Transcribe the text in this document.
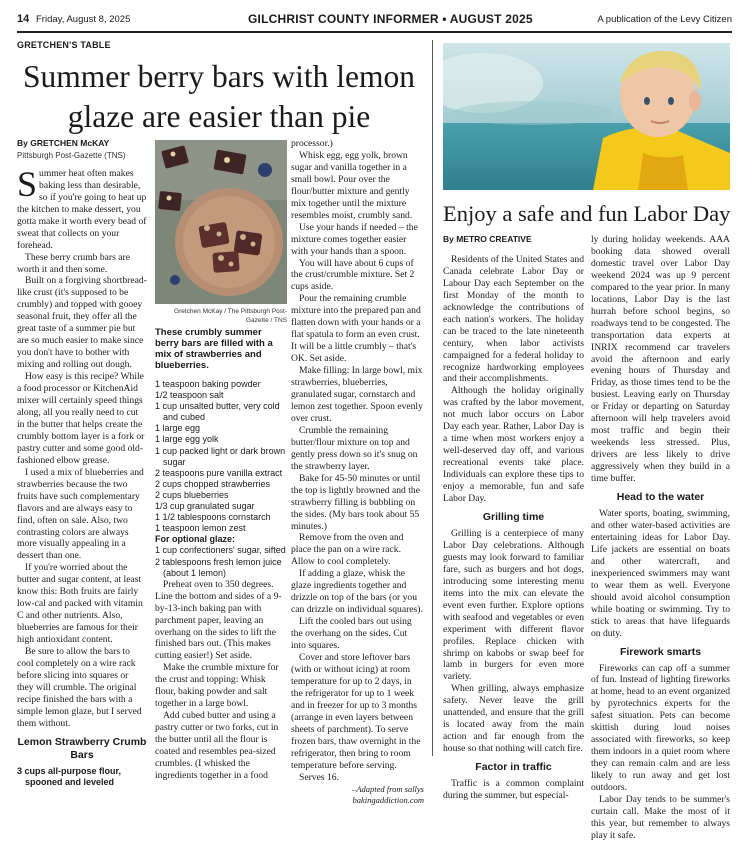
14 Friday, August 8, 2025	GILCHRIST COUNTY INFORMER • AUGUST 2025	A publication of the Levy Citizen
GRETCHEN'S TABLE
Summer berry bars with lemon glaze are easier than pie
By GRETCHEN McKAY
Pittsburgh Post-Gazette (TNS)

Summer heat often makes baking less than desirable, so if you're going to heat up the kitchen to make dessert, you gotta make it worth every bead of sweat that collects on your forehead.

These berry crumb bars are worth it and then some.

Built on a forgiving shortbread-like crust (it's supposed to be crumbly) and topped with gooey seasonal fruit, they offer all the great taste of a summer pie but are so much easier to make since you don't have to bother with mixing and rolling out dough.

How easy is this recipe? While a food processor or KitchenAid mixer will certainly speed things along, all you really need to cut in the butter that helps create the crumbly bottom layer is a fork or pastry cutter and some good old-fashioned elbow grease.

I used a mix of blueberries and strawberries because the two fruits have such complementary flavors and are always easy to find, often on sale. Also, two contrasting colors are always more visually appealing in a dessert than one.

If you're worried about the butter and sugar content, at least know this: Both fruits are fairly low-cal and packed with vitamin C and other nutrients. Also, blueberries are famous for their high antioxidant content.

Be sure to allow the bars to cool completely on a wire rack before slicing into squares or they will crumble. The original recipe finished the bars with a simple lemon glaze, but I served them without.

Lemon Strawberry Crumb Bars
3 cups all-purpose flour, spooned and leveled
Gretchen McKay / The Pittsburgh Post-Gazette / TNS
These crumbly summer berry bars are filled with a mix of strawberries and blueberries.
1 teaspoon baking powder
1/2 teaspoon salt
1 cup unsalted butter, very cold and cubed
1 large egg
1 large egg yolk
1 cup packed light or dark brown sugar
2 teaspoons pure vanilla extract
2 cups chopped strawberries
2 cups blueberries
1/3 cup granulated sugar
1 1/2 tablespoons cornstarch
1 teaspoon lemon zest
For optional glaze:
1 cup confectioners' sugar, sifted
2 tablespoons fresh lemon juice (about 1 lemon)

Preheat oven to 350 degrees. Line the bottom and sides of a 9-by-13-inch baking pan with parchment paper, leaving an overhang on the sides to lift the finished bars out. (This makes cutting easier!) Set aside.

Make the crumble mixture for the crust and topping: Whisk flour, baking powder and salt together in a large bowl.

Add cubed butter and using a pastry cutter or two forks, cut in the butter until all the flour is coated and resembles pea-sized crumbles. (I whisked the ingredients together in a food

processor.)

Whisk egg, egg yolk, brown sugar and vanilla together in a small bowl. Pour over the flour/butter mixture and gently mix together until the mixture resembles moist, crumbly sand.

Use your hands if needed – the mixture comes together easier with your hands than a spoon.

You will have about 6 cups of the crust/crumble mixture. Set 2 cups aside.

Pour the remaining crumble mixture into the prepared pan and flatten down with your hands or a flat spatula to form an even crust. It will be a little crumbly – that's OK. Set aside.

Make filling: In large bowl, mix strawberries, blueberries, granulated sugar, cornstarch and lemon zest together. Spoon evenly over crust.

Crumble the remaining butter/flour mixture on top and gently press down so it's snug on the strawberry layer.

Bake for 45-50 minutes or until the top is lightly browned and the strawberry filling is bubbling on the sides. (My bars took about 55 minutes.)

Remove from the oven and place the pan on a wire rack. Allow to cool completely.

If adding a glaze, whisk the glaze ingredients together and drizzle on top of the bars (or you can drizzle on individual squares).

Lift the cooled bars out using the overhang on the sides. Cut into squares.

Cover and store leftover bars (with or without icing) at room temperature for up to 2 days, in the refrigerator for up to 1 week and in freezer for up to 3 months (arrange in even layers between sheets of parchment). To serve frozen bars, thaw overnight in the refrigerator, then bring to room temperature before serving.

Serves 16.

–Adapted from sallys bakingaddiction.com
Enjoy a safe and fun Labor Day
By METRO CREATIVE

Residents of the United States and Canada celebrate Labor Day or Labour Day each September on the first Monday of the month to acknowledge the contributions of each nation's workers. The holiday can be traced to the late nineteenth century, when labor activists campaigned for a federal holiday to recognize hardworking employees and their accomplishments.

Although the holiday originally was crafted by the labor movement, not much labor occurs on Labor Day each year. Rather, Labor Day is a time when most workers enjoy a well-deserved day off, and various recreational events take place. Individuals can explore these tips to enjoy a memorable, fun and safe Labor Day.

Grilling time

Grilling is a centerpiece of many Labor Day celebrations. Although guests may look forward to familiar fare, such as burgers and hot dogs, introducing some interesting menu items into the mix can elevate the event even further. Explore options with seafood and vegetables or even experiment with different flavor profiles. Replace chicken with shrimp on kabobs or swap beef for lamb in burgers for even more variety.

When grilling, always emphasize safety. Never leave the grill unattended, and ensure that the grill is located away from the main action and far enough from the house so that nothing will catch fire.

Factor in traffic

Traffic is a common complaint during the summer, but especial-

ly during holiday weekends. AAA booking data showed overall domestic travel over Labor Day weekend 2024 was up 9 percent compared to the year prior. In many locations, Labor Day is the last hurrah before school begins, so roadways tend to be congested. The transportation data experts at INRIX recommend car travelers avoid the afternoon and early evening hours of Thursday and Friday, as those times tend to be the busiest. Leaving early on Thursday or Friday or departing on Saturday afternoon will help travelers avoid most traffic and begin their weekends less stressed. Plus, drivers are less likely to drive aggressively when they build in a time buffer.

Head to the water

Water sports, boating, swimming, and other water-based activities are entertaining ideas for Labor Day. Life jackets are essential on boats and other watercraft, and inexperienced swimmers may want to wear them as well. Everyone should avoid alcohol consumption while boating or swimming. Try to stick to areas that have lifeguards on duty.

Firework smarts

Fireworks can cap off a summer of fun. Instead of lighting fireworks at home, head to an event organized by pyrotechnics experts for the safest situation. Pets can become skittish during loud noises associated with fireworks, so keep them indoors in a quiet room where they can remain calm and are less likely to run away and get lost outdoors.

Labor Day tends to be summer's curtain call. Make the most of it this year, but remember to always play it safe.
